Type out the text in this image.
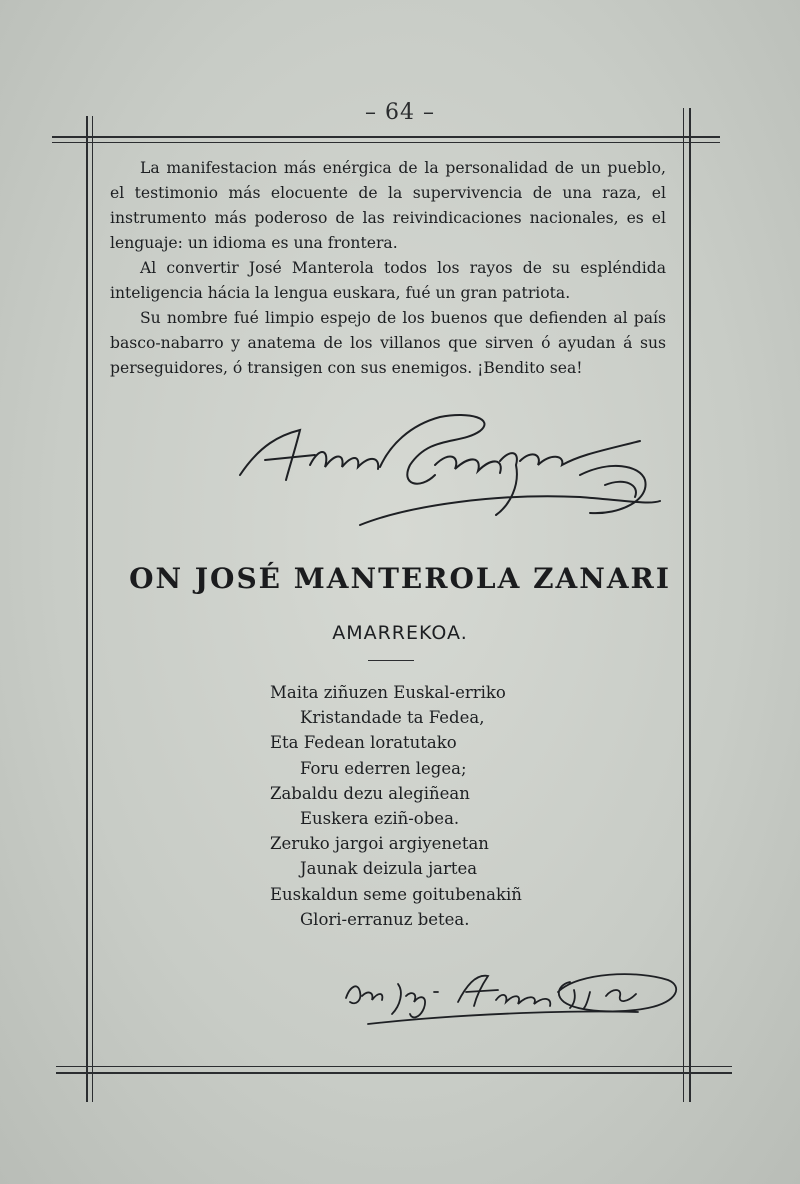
– 64 –

La manifestacion más enérgica de la personalidad de un pueblo, el testimonio más elocuente de la supervivencia de una raza, el instrumento más poderoso de las reivindicaciones nacionales, es el lenguaje: un idioma es una frontera.

Al convertir José Manterola todos los rayos de su espléndida inteligencia hácia la lengua euskara, fué un gran patriota.

Su nombre fué limpio espejo de los buenos que defienden al país basco-nabarro y anatema de los villanos que sirven ó ayudan á sus perseguidores, ó transigen con sus enemigos. ¡Bendito sea!

ON JOSÉ MANTEROLA ZANARI
AMARREKOA.
Maita ziñuzen Euskal-erriko
Kristandade ta Fedea,
Eta Fedean loratutako
Foru ederren legea;
Zabaldu dezu alegiñean
Euskera eziñ-obea.
Zeruko jargoi argiyenetan
Jaunak deizula jartea
Euskaldun seme goitubenakiñ
Glori-erranuz betea.
